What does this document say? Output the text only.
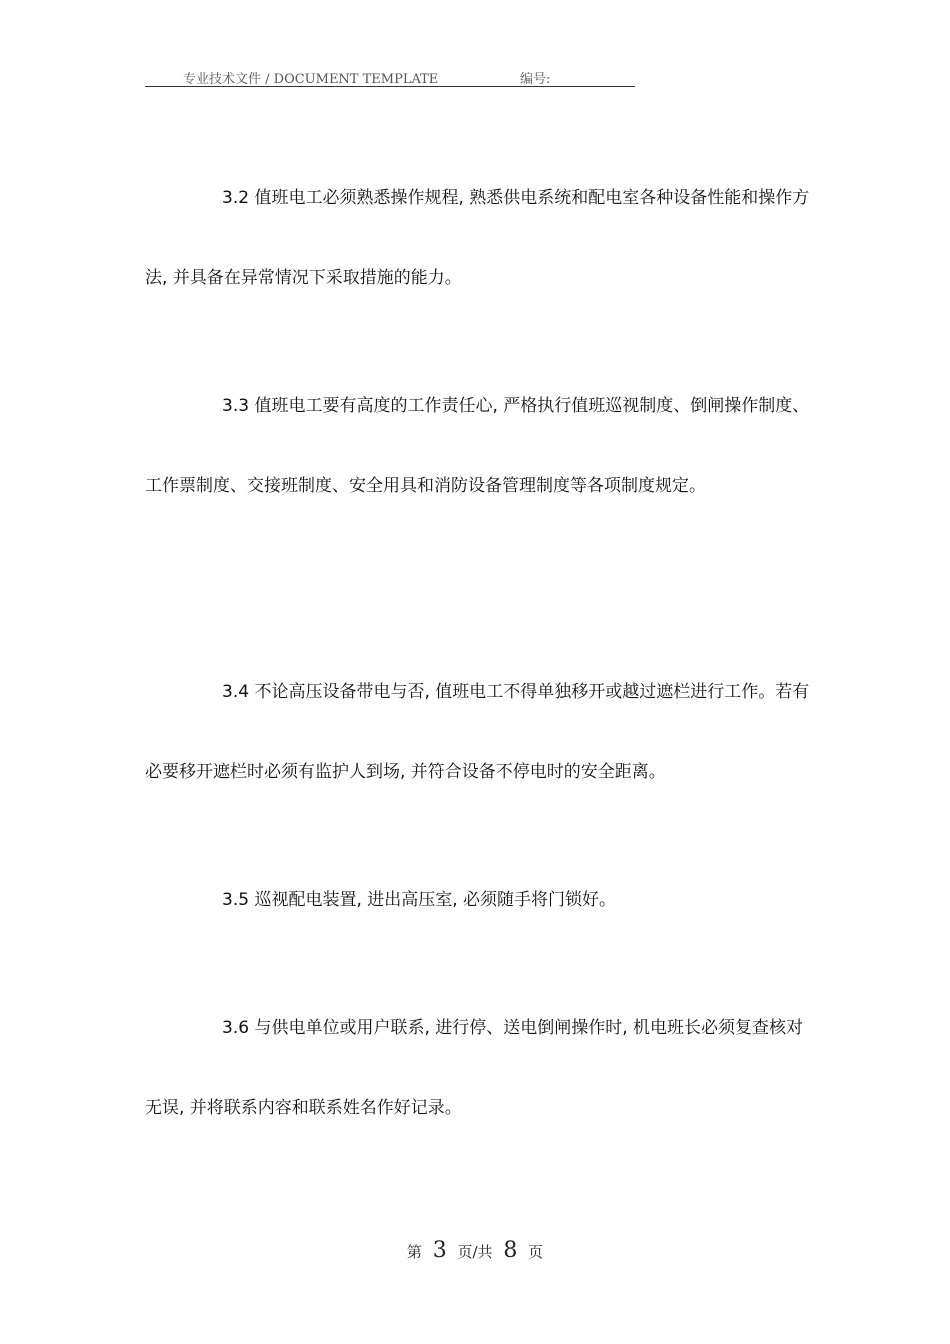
专业技术文件 / DOCUMENT TEMPLATE	编号:

3.2 值班电工必须熟悉操作规程, 熟悉供电系统和配电室各种设备性能和操作方法, 并具备在异常情况下采取措施的能力。

3.3 值班电工要有高度的工作责任心, 严格执行值班巡视制度、倒闸操作制度、工作票制度、交接班制度、安全用具和消防设备管理制度等各项制度规定。

3.4 不论高压设备带电与否, 值班电工不得单独移开或越过遮栏进行工作。若有必要移开遮栏时必须有监护人到场, 并符合设备不停电时的安全距离。

3.5 巡视配电装置, 进出高压室, 必须随手将门锁好。

3.6 与供电单位或用户联系, 进行停、送电倒闸操作时, 机电班长必须复查核对无误, 并将联系内容和联系姓名作好记录。

第 3 页/共 8 页
